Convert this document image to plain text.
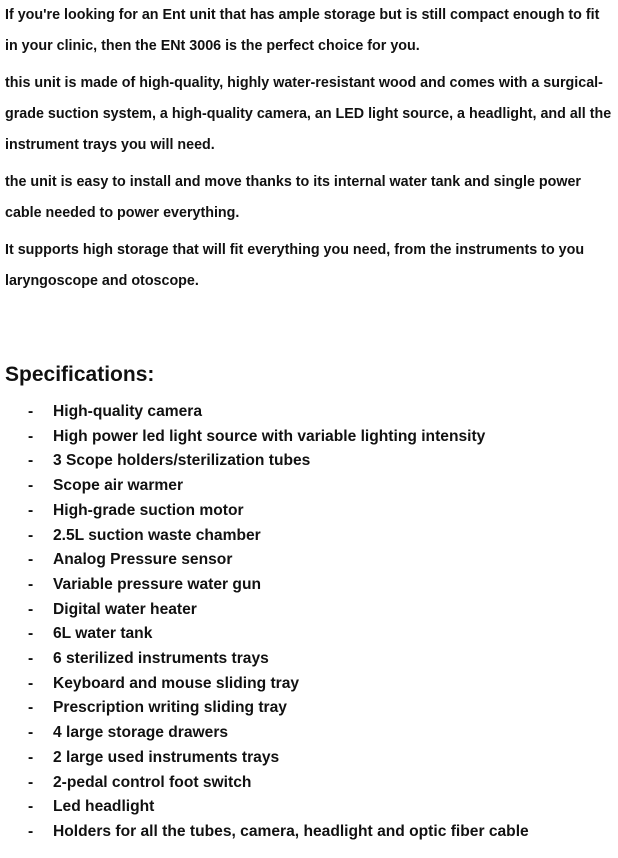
If you're looking for an Ent unit that has ample storage but is still compact enough to fit in your clinic, then the ENt 3006 is the perfect choice for you.

this unit is made of high-quality, highly water-resistant wood and comes with a surgical-grade suction system, a high-quality camera, an LED light source, a headlight, and all the instrument trays you will need.

the unit is easy to install and move thanks to its internal water tank and single power cable needed to power everything.

It supports high storage that will fit everything you need, from the instruments to you laryngoscope and otoscope.

Specifications:
- High-quality camera
- High power led light source with variable lighting intensity
- 3 Scope holders/sterilization tubes
- Scope air warmer
- High-grade suction motor
- 2.5L suction waste chamber
- Analog Pressure sensor
- Variable pressure water gun
- Digital water heater
- 6L water tank
- 6 sterilized instruments trays
- Keyboard and mouse sliding tray
- Prescription writing sliding tray
- 4 large storage drawers
- 2 large used instruments trays
- 2-pedal control foot switch
- Led headlight
- Holders for all the tubes, camera, headlight and optic fiber cable
